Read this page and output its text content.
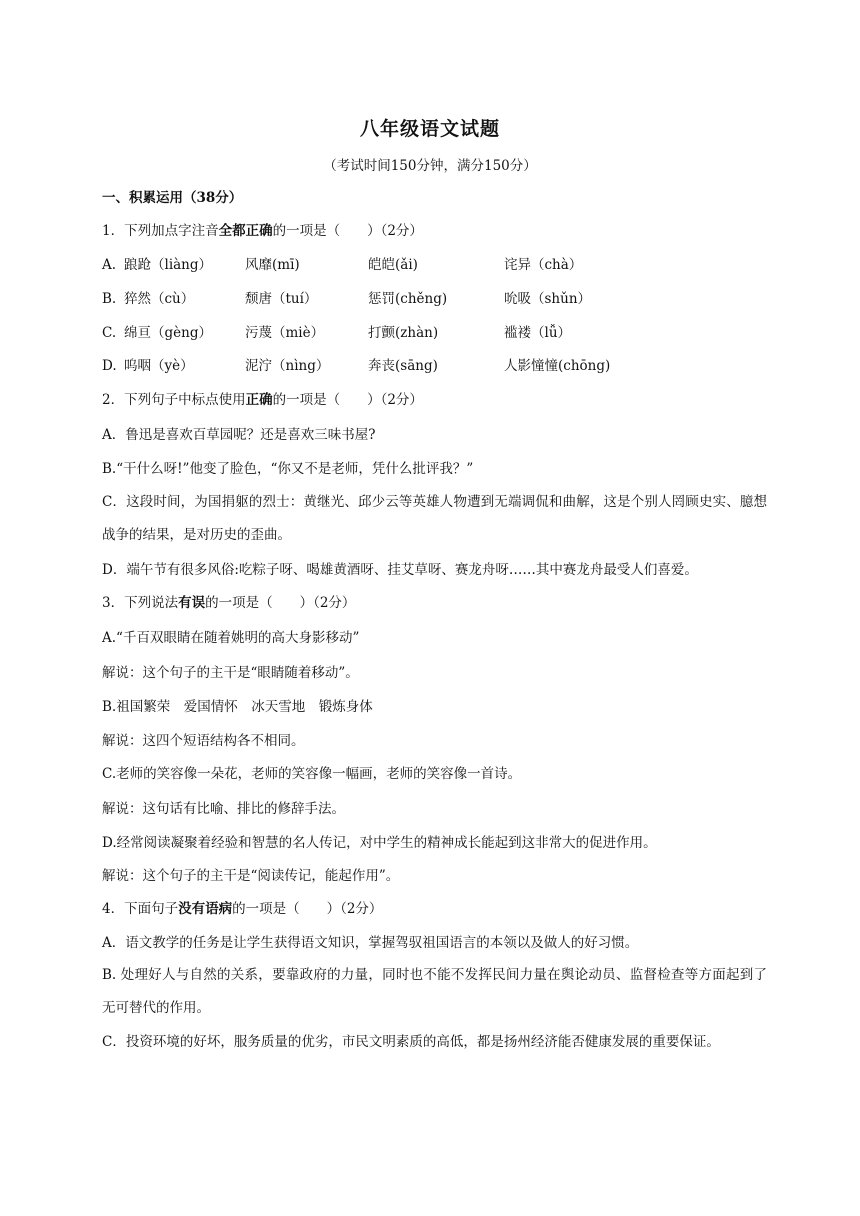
八年级语文试题
（考试时间150分钟，满分150分）
一、积累运用（38分）
1．下列加点字注音全都正确的一项是（　　）（2分）
A. 踉跄（liàng） 风靡(mī)	皑皑(ǎi)	诧异（chà）
B. 猝然（cù）	颓唐（tuí）	惩罚(chěng)	吮吸（shǔn）
C. 绵亘（gèng） 污蔑（miè）	打颤(zhàn)	褴褛（lǚ）
D. 呜咽（yè）	泥泞（nìng）	奔丧(sāng)	人影憧憧(chōng)
2．下列句子中标点使用正确的一项是（　　）（2分）
A．鲁迅是喜欢百草园呢？还是喜欢三味书屋?
B.“干什么呀!”他变了脸色，“你又不是老师，凭什么批评我？”
C．这段时间，为国捐躯的烈士：黄继光、邱少云等英雄人物遭到无端调侃和曲解，这是个别人罔顾史实、臆想战争的结果，是对历史的歪曲。
D．端午节有很多风俗:吃粽子呀、喝雄黄酒呀、挂艾草呀、赛龙舟呀……其中赛龙舟最受人们喜爱。
3．下列说法有误的一项是（　　）（2分）
A.“千百双眼睛在随着姚明的高大身影移动”
解说：这个句子的主干是“眼睛随着移动”。
B.祖国繁荣　爱国情怀　冰天雪地　锻炼身体
解说：这四个短语结构各不相同。
C.老师的笑容像一朵花，老师的笑容像一幅画，老师的笑容像一首诗。
解说：这句话有比喻、排比的修辞手法。
D.经常阅读凝聚着经验和智慧的名人传记，对中学生的精神成长能起到这非常大的促进作用。
解说：这个句子的主干是“阅读传记，能起作用”。
4．下面句子没有语病的一项是（　　）（2分）
A．语文教学的任务是让学生获得语文知识，掌握驾驭祖国语言的本领以及做人的好习惯。
B. 处理好人与自然的关系，要靠政府的力量，同时也不能不发挥民间力量在舆论动员、监督检查等方面起到了无可替代的作用。
C．投资环境的好坏，服务质量的优劣，市民文明素质的高低，都是扬州经济能否健康发展的重要保证。
